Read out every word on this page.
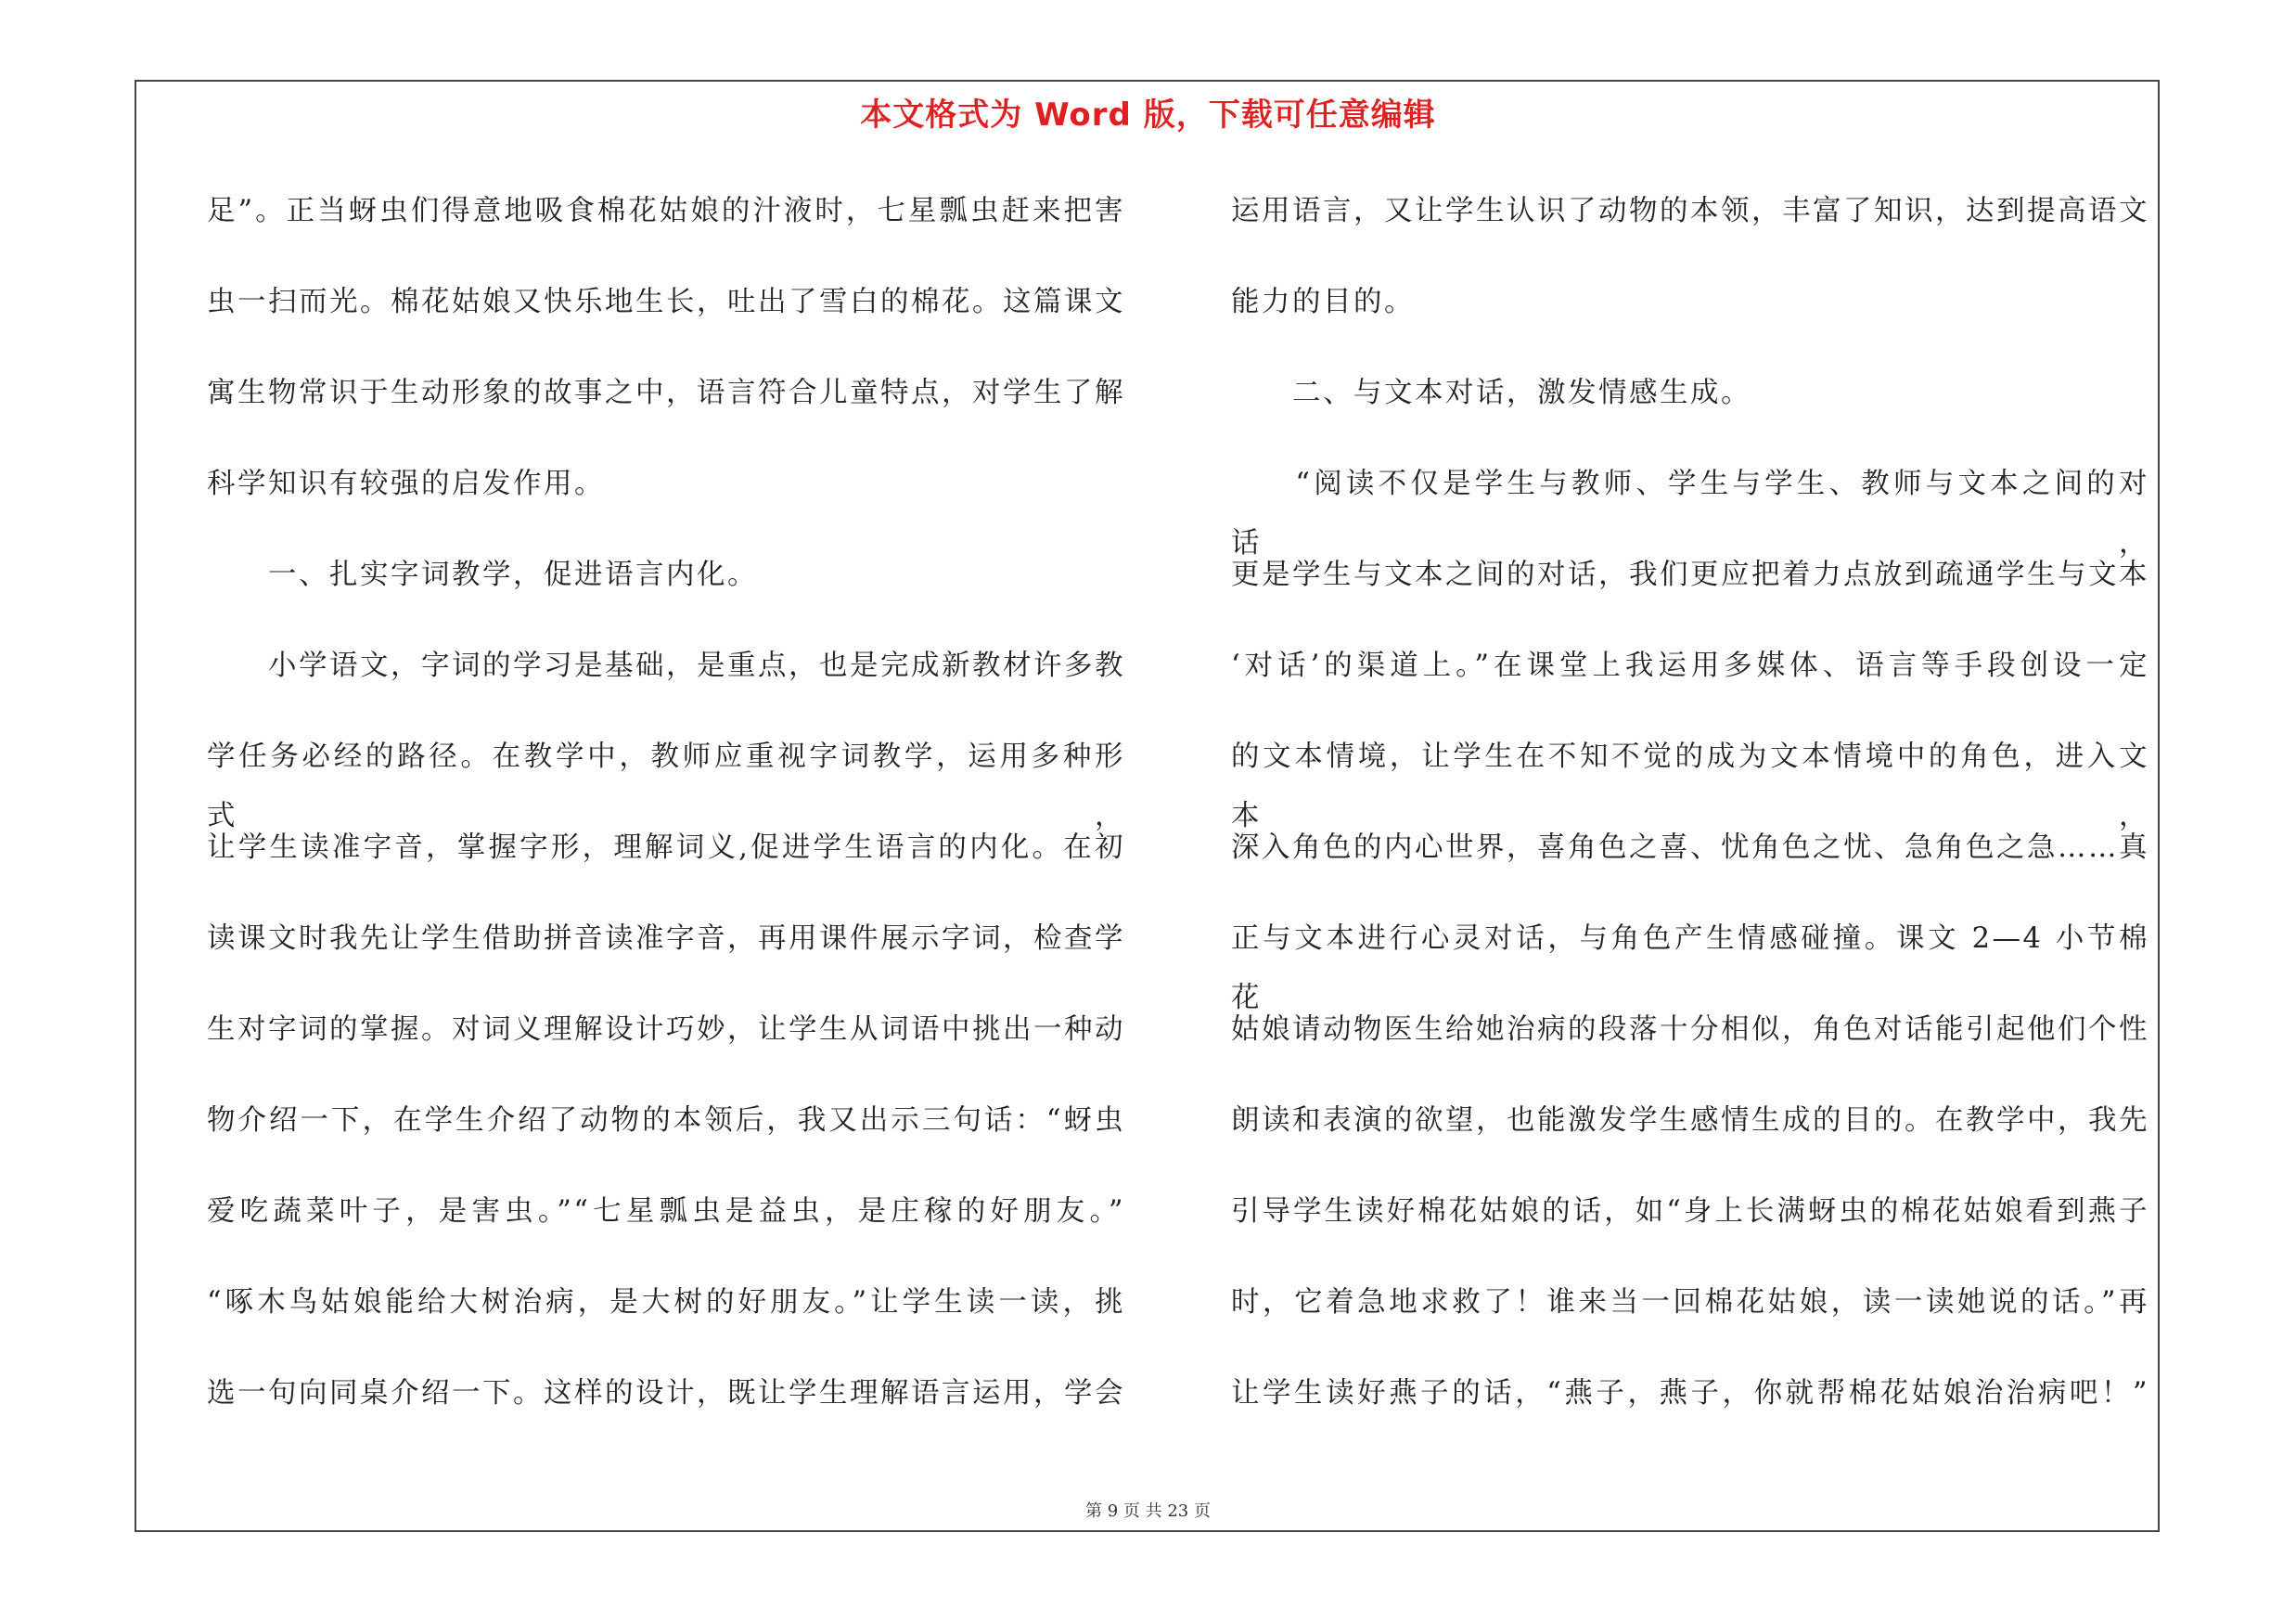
本文格式为 Word 版，下载可任意编辑
足”。正当蚜虫们得意地吸食棉花姑娘的汁液时，七星瓢虫赶来把害
虫一扫而光。棉花姑娘又快乐地生长，吐出了雪白的棉花。这篇课文
寓生物常识于生动形象的故事之中，语言符合儿童特点，对学生了解
科学知识有较强的启发作用。
　　一、扎实字词教学，促进语言内化。
　　小学语文，字词的学习是基础，是重点，也是完成新教材许多教
学任务必经的路径。在教学中，教师应重视字词教学，运用多种形式，
让学生读准字音，掌握字形，理解词义,促进学生语言的内化。在初
读课文时我先让学生借助拼音读准字音，再用课件展示字词，检查学
生对字词的掌握。对词义理解设计巧妙，让学生从词语中挑出一种动
物介绍一下，在学生介绍了动物的本领后，我又出示三句话：“蚜虫
爱吃蔬菜叶子，是害虫。”“七星瓢虫是益虫，是庄稼的好朋友。”
“啄木鸟姑娘能给大树治病，是大树的好朋友。”让学生读一读，挑
选一句向同桌介绍一下。这样的设计，既让学生理解语言运用，学会
运用语言，又让学生认识了动物的本领，丰富了知识，达到提高语文
能力的目的。
　　二、与文本对话，激发情感生成。
　　“阅读不仅是学生与教师、学生与学生、教师与文本之间的对话，
更是学生与文本之间的对话，我们更应把着力点放到疏通学生与文本
‘对话’的渠道上。”在课堂上我运用多媒体、语言等手段创设一定
的文本情境，让学生在不知不觉的成为文本情境中的角色，进入文本，
深入角色的内心世界，喜角色之喜、忧角色之忧、急角色之急……真
正与文本进行心灵对话，与角色产生情感碰撞。课文 2—4 小节棉花
姑娘请动物医生给她治病的段落十分相似，角色对话能引起他们个性
朗读和表演的欲望，也能激发学生感情生成的目的。在教学中，我先
引导学生读好棉花姑娘的话，如“身上长满蚜虫的棉花姑娘看到燕子
时，它着急地求救了！谁来当一回棉花姑娘，读一读她说的话。”再
让学生读好燕子的话，“燕子，燕子，你就帮棉花姑娘治治病吧！”
第 9 页 共 23 页
